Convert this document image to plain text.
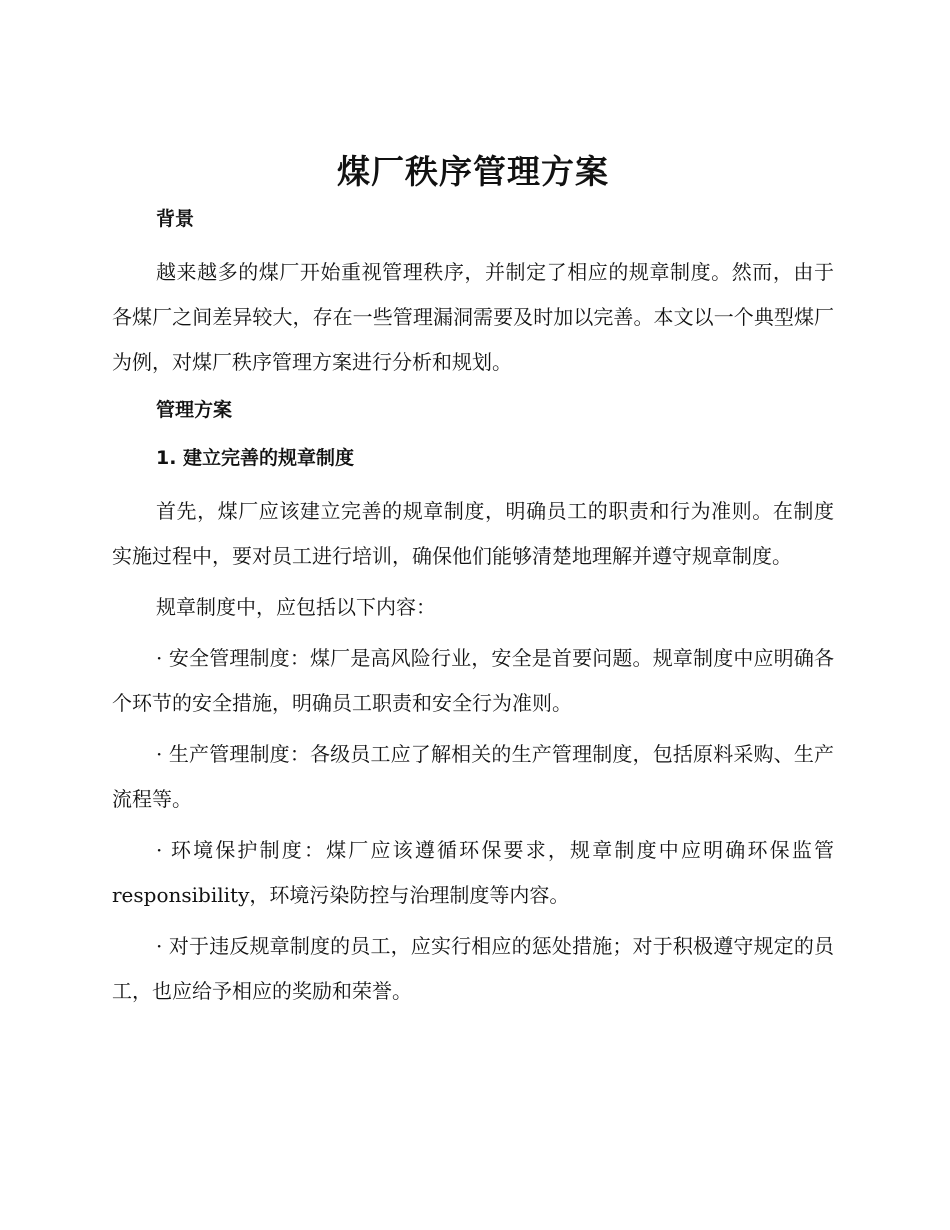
煤厂秩序管理方案

背景

越来越多的煤厂开始重视管理秩序，并制定了相应的规章制度。然而，由于各煤厂之间差异较大，存在一些管理漏洞需要及时加以完善。本文以一个典型煤厂为例，对煤厂秩序管理方案进行分析和规划。

管理方案

1. 建立完善的规章制度

首先，煤厂应该建立完善的规章制度，明确员工的职责和行为准则。在制度实施过程中，要对员工进行培训，确保他们能够清楚地理解并遵守规章制度。

规章制度中，应包括以下内容：

· 安全管理制度：煤厂是高风险行业，安全是首要问题。规章制度中应明确各个环节的安全措施，明确员工职责和安全行为准则。

· 生产管理制度：各级员工应了解相关的生产管理制度，包括原料采购、生产流程等。

· 环境保护制度：煤厂应该遵循环保要求，规章制度中应明确环保监管responsibility，环境污染防控与治理制度等内容。

· 对于违反规章制度的员工，应实行相应的惩处措施；对于积极遵守规定的员工，也应给予相应的奖励和荣誉。
